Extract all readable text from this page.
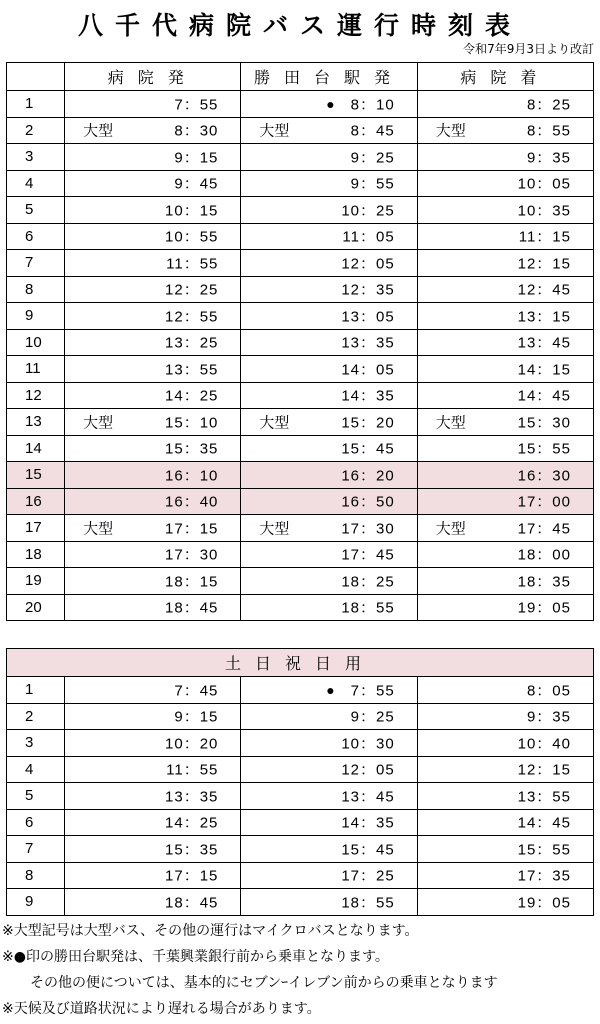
八千代病院バス運行時刻表
令和7年9月3日より改訂
	病院発	勝田台駅発	病院着
1	7：55	● 8：10	8：25

2	大型 8：30	大型 8：45	大型 8：55

3	9：15	9：25	9：35

4	9：45	9：55	10：05

5	10：15	10：25	10：35

6	10：55	11：05	11：15

7	11：55	12：05	12：15

8	12：25	12：35	12：45

9	12：55	13：05	13：15

10	13：25	13：35	13：45

11	13：55	14：05	14：15

12	14：25	14：35	14：45

13	大型 15：10	大型 15：20	大型 15：30

14	15：35	15：45	15：55

15	16：10	16：20	16：30

16	16：40	16：50	17：00

17	大型 17：15	大型 17：30	大型 17：45

18	17：30	17：45	18：00

19	18：15	18：25	18：35

20	18：45	18：55	19：05
土日祝日用			
1	7：45	● 7：55	8：05

2	9：15	9：25	9：35

3	10：20	10：30	10：40

4	11：55	12：05	12：15

5	13：35	13：45	13：55

6	14：25	14：35	14：45

7	15：35	15：45	15：55

8	17：15	17：25	17：35

9	18：45	18：55	19：05
※大型記号は大型バス、その他の運行はマイクロバスとなります。
※●印の勝田台駅発は、千葉興業銀行前から乗車となります。
その他の便については、基本的にセブンｰイレブン前からの乗車となります
※天候及び道路状況により遅れる場合があります。
